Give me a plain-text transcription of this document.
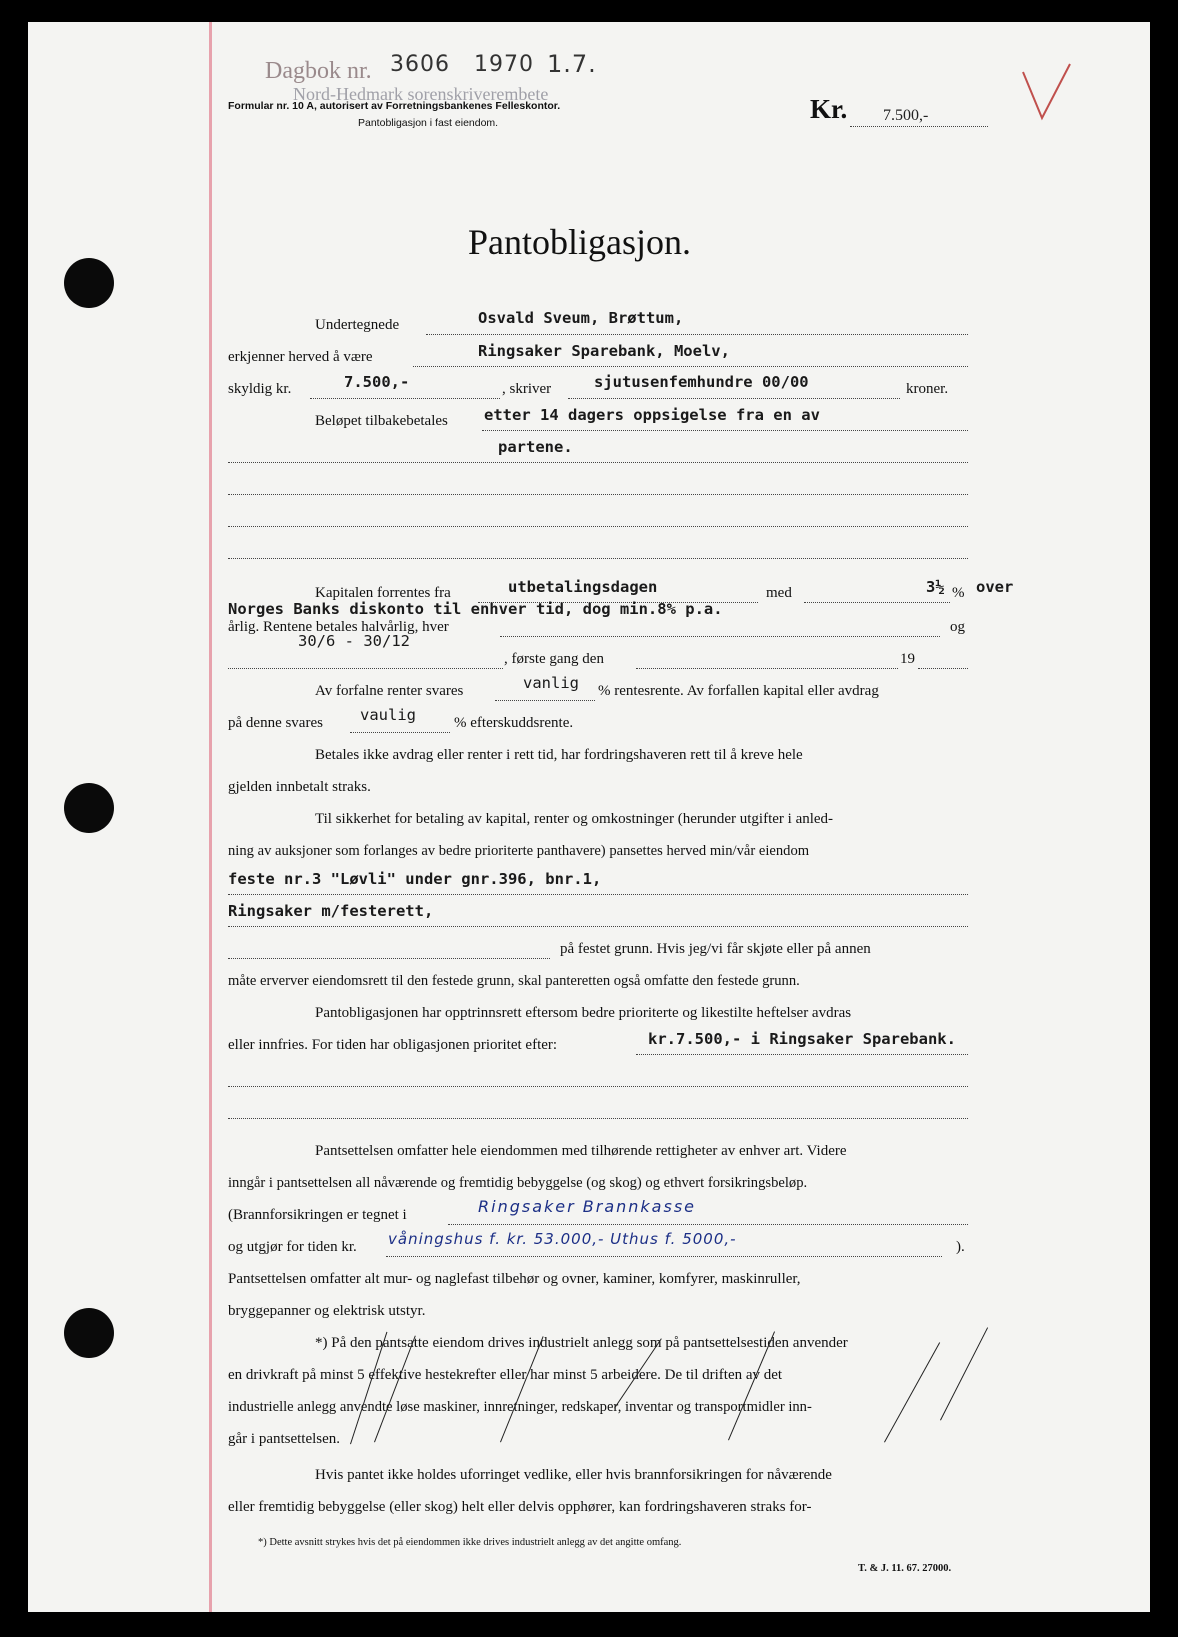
Dagbok nr. 3606 1970 1.7.
Nord-Hedmark sorenskriverembete
Formular nr. 10 A, autorisert av Forretningsbankenes Felleskontor.
Pantobligasjon i fast eiendom.	Kr. 7.500,-
Pantobligasjon.
Undertegnede	Osvald Sveum, Brøttum,
erkjenner herved å være	Ringsaker Sparebank, Moelv,
skyldig kr.	7.500,-	, skriver	sjutusenfemhundre 00/00	kroner.
Beløpet tilbakebetales etter 14 dagers oppsigelse fra en av
partene.
Kapitalen forrentes fra	utbetalingsdagen	med	3½ % over
Norges Banks diskonto til enhver tid, dog min.8% p.a.
årlig. Rentene betales halvårlig, hver	og
30/6 - 30/12
, første gang den	19
Av forfalne renter svares	vanlig % rentesrente. Av forfallen kapital eller avdrag
på denne svares vaulig	% efterskuddsrente.
Betales ikke avdrag eller renter i rett tid, har fordringshaveren rett til å kreve hele
gjelden innbetalt straks.
Til sikkerhet for betaling av kapital, renter og omkostninger (herunder utgifter i anled-
ning av auksjoner som forlanges av bedre prioriterte panthavere) pansettes herved min/vår eiendom
feste nr.3 "Løvli" under gnr.396, bnr.1,
Ringsaker m/festerett,
på festet grunn. Hvis jeg/vi får skjøte eller på annen
måte erverver eiendomsrett til den festede grunn, skal panteretten også omfatte den festede grunn.
Pantobligasjonen har opptrinnsrett eftersom bedre prioriterte og likestilte heftelser avdras
eller innfries. For tiden har obligasjonen prioritet efter:	kr.7.500,- i Ringsaker Sparebank.
Pantsettelsen omfatter hele eiendommen med tilhørende rettigheter av enhver art. Videre
inngår i pantsettelsen all nåværende og fremtidig bebyggelse (og skog) og ethvert forsikringsbeløp.
(Brannforsikringen er tegnet i	Ringsaker Brannkasse
og utgjør for tiden kr. våningshus f. kr. 53.000,- Uthus f. 5000,-	).
Pantsettelsen omfatter alt mur- og naglefast tilbehør og ovner, kaminer, komfyrer, maskinruller,
bryggepanner og elektrisk utstyr.
*) På den pantsatte eiendom drives industrielt anlegg som på pantsettelsestiden anvender
en drivkraft på minst 5 effektive hestekrefter eller har minst 5 arbeidere. De til driften av det
industrielle anlegg anvendte løse maskiner, innretninger, redskaper, inventar og transportmidler inn-
går i pantsettelsen.
Hvis pantet ikke holdes uforringet vedlike, eller hvis brannforsikringen for nåværende
eller fremtidig bebyggelse (eller skog) helt eller delvis opphører, kan fordringshaveren straks for-
*) Dette avsnitt strykes hvis det på eiendommen ikke drives industrielt anlegg av det angitte omfang.
T. & J. 11. 67. 27000.
